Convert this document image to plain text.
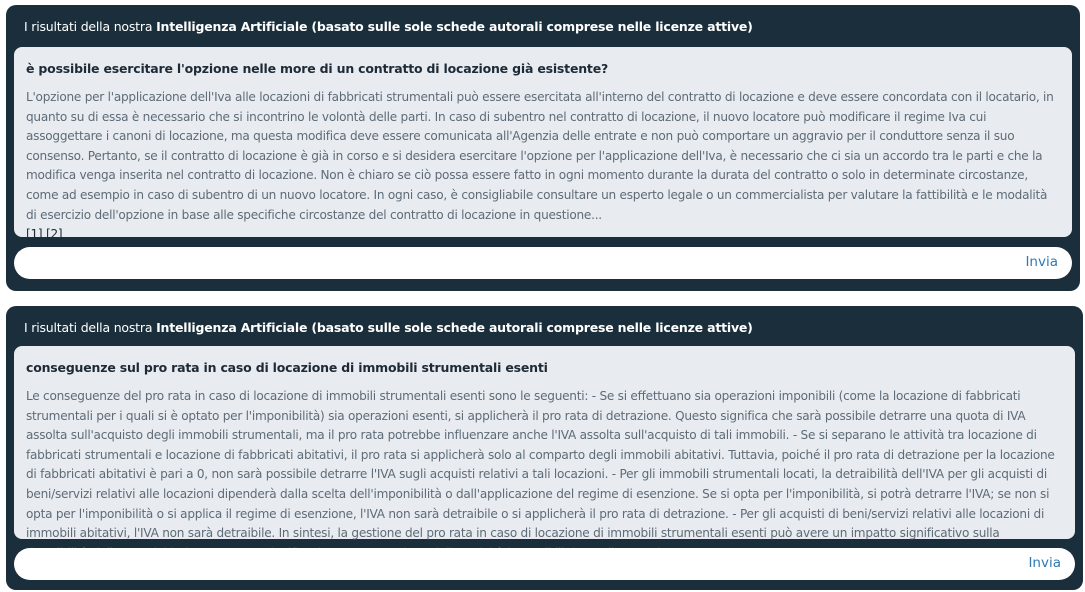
I risultati della nostra Intelligenza Artificiale (basato sulle sole schede autorali comprese nelle licenze attive)

è possibile esercitare l'opzione nelle more di un contratto di locazione già esistente?

L'opzione per l'applicazione dell'Iva alle locazioni di fabbricati strumentali può essere esercitata all'interno del contratto di locazione e deve essere concordata con il locatario, in quanto su di essa è necessario che si incontrino le volontà delle parti. In caso di subentro nel contratto di locazione, il nuovo locatore può modificare il regime Iva cui assoggettare i canoni di locazione, ma questa modifica deve essere comunicata all'Agenzia delle entrate e non può comportare un aggravio per il conduttore senza il suo consenso. Pertanto, se il contratto di locazione è già in corso e si desidera esercitare l'opzione per l'applicazione dell'Iva, è necessario che ci sia un accordo tra le parti e che la modifica venga inserita nel contratto di locazione. Non è chiaro se ciò possa essere fatto in ogni momento durante la durata del contratto o solo in determinate circostanze, come ad esempio in caso di subentro di un nuovo locatore. In ogni caso, è consigliabile consultare un esperto legale o un commercialista per valutare la fattibilità e le modalità di esercizio dell'opzione in base alle specifiche circostanze del contratto di locazione in questione...
[1] [2]

Invia
I risultati della nostra Intelligenza Artificiale (basato sulle sole schede autorali comprese nelle licenze attive)

conseguenze sul pro rata in caso di locazione di immobili strumentali esenti

Le conseguenze del pro rata in caso di locazione di immobili strumentali esenti sono le seguenti: - Se si effettuano sia operazioni imponibili (come la locazione di fabbricati strumentali per i quali si è optato per l'imponibilità) sia operazioni esenti, si applicherà il pro rata di detrazione. Questo significa che sarà possibile detrarre una quota di IVA assolta sull'acquisto degli immobili strumentali, ma il pro rata potrebbe influenzare anche l'IVA assolta sull'acquisto di tali immobili. - Se si separano le attività tra locazione di fabbricati strumentali e locazione di fabbricati abitativi, il pro rata si applicherà solo al comparto degli immobili abitativi. Tuttavia, poiché il pro rata di detrazione per la locazione di fabbricati abitativi è pari a 0, non sarà possibile detrarre l'IVA sugli acquisti relativi a tali locazioni. - Per gli immobili strumentali locati, la detraibilità dell'IVA per gli acquisti di beni/servizi relativi alle locazioni dipenderà dalla scelta dell'imponibilità o dall'applicazione del regime di esenzione. Se si opta per l'imponibilità, si potrà detrarre l'IVA; se non si opta per l'imponibilità o si applica il regime di esenzione, l'IVA non sarà detraibile o si applicherà il pro rata di detrazione. - Per gli acquisti di beni/servizi relativi alle locazioni di immobili abitativi, l'IVA non sarà detraibile. In sintesi, la gestione del pro rata in caso di locazione di immobili strumentali esenti può avere un impatto significativo sulla

Invia
